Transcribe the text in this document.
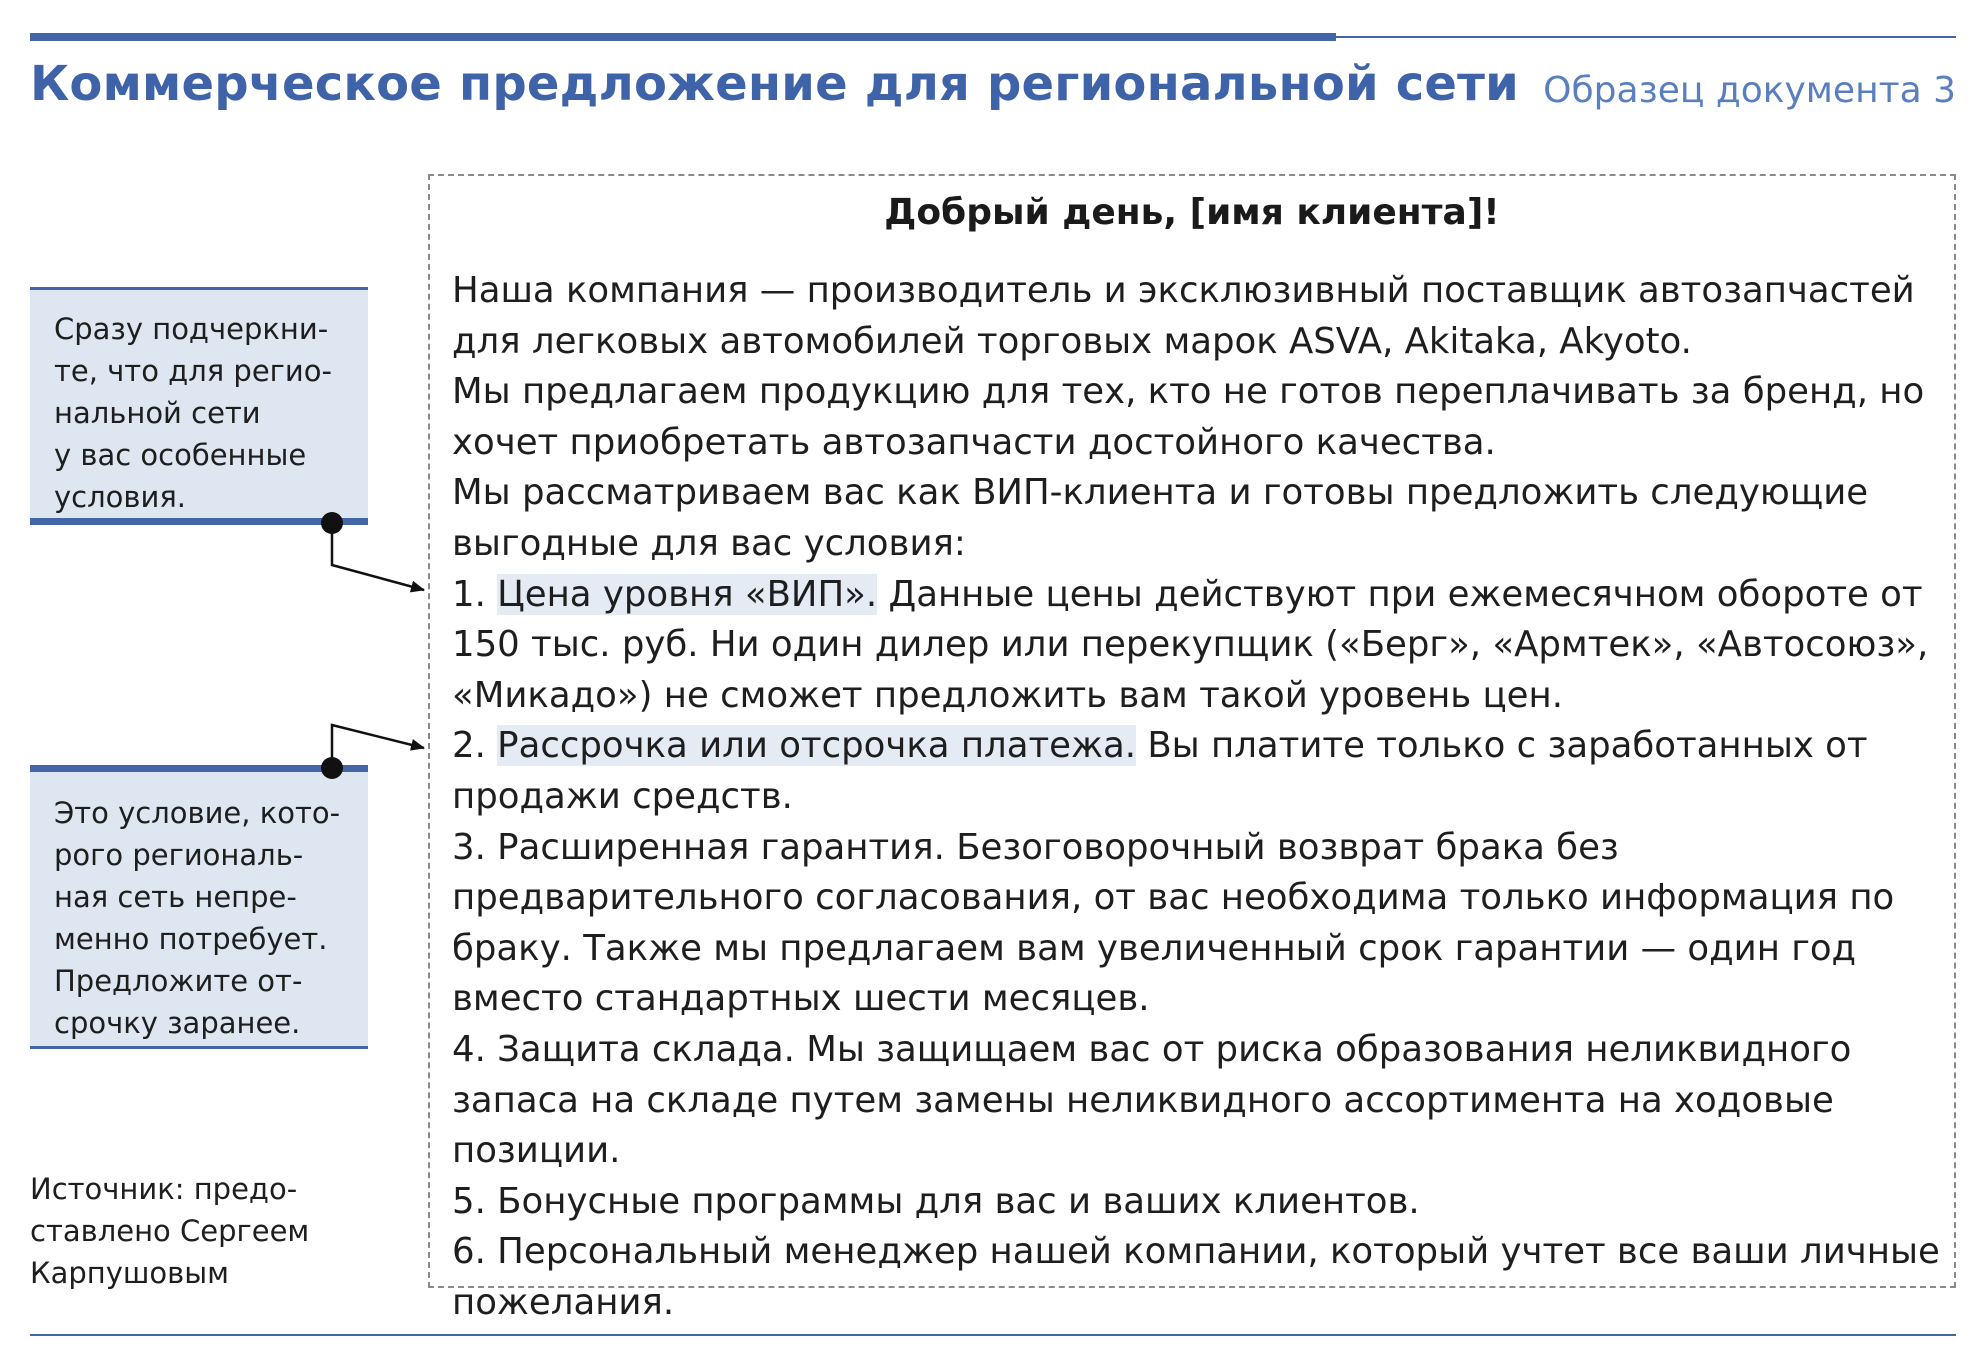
Коммерческое предложение для региональной сети Образец документа 3
Сразу подчеркни-
те, что для регио-
нальной сети
у вас особенные
условия.
Это условие, кото-
рого региональ-
ная сеть непре-
менно потребует.
Предложите от-
срочку заранее.
Источник: предо-
ставлено Сергеем
Карпушовым
Добрый день, [имя клиента]!

Наша компания — производитель и эксклюзивный поставщик автозапчастей для легковых автомобилей торговых марок ASVA, Akitaka, Akyoto.

Мы предлагаем продукцию для тех, кто не готов переплачивать за бренд, но хочет приобретать автозапчасти достойного качества.

Мы рассматриваем вас как ВИП-клиента и готовы предложить следующие выгодные для вас условия:

1. Цена уровня «ВИП». Данные цены действуют при ежемесячном обороте от 150 тыс. руб. Ни один дилер или перекупщик («Берг», «Армтек», «Автосоюз», «Микадо») не сможет предложить вам такой уровень цен.

2. Рассрочка или отсрочка платежа. Вы платите только с заработанных от продажи средств.

3. Расширенная гарантия. Безоговорочный возврат брака без предварительного согласования, от вас необходима только информация по браку. Также мы предлагаем вам увеличенный срок гарантии — один год вместо стандартных шести месяцев.

4. Защита склада. Мы защищаем вас от риска образования неликвидного запаса на складе путем замены неликвидного ассортимента на ходовые позиции.

5. Бонусные программы для вас и ваших клиентов.

6. Персональный менеджер нашей компании, который учтет все ваши личные пожелания.
